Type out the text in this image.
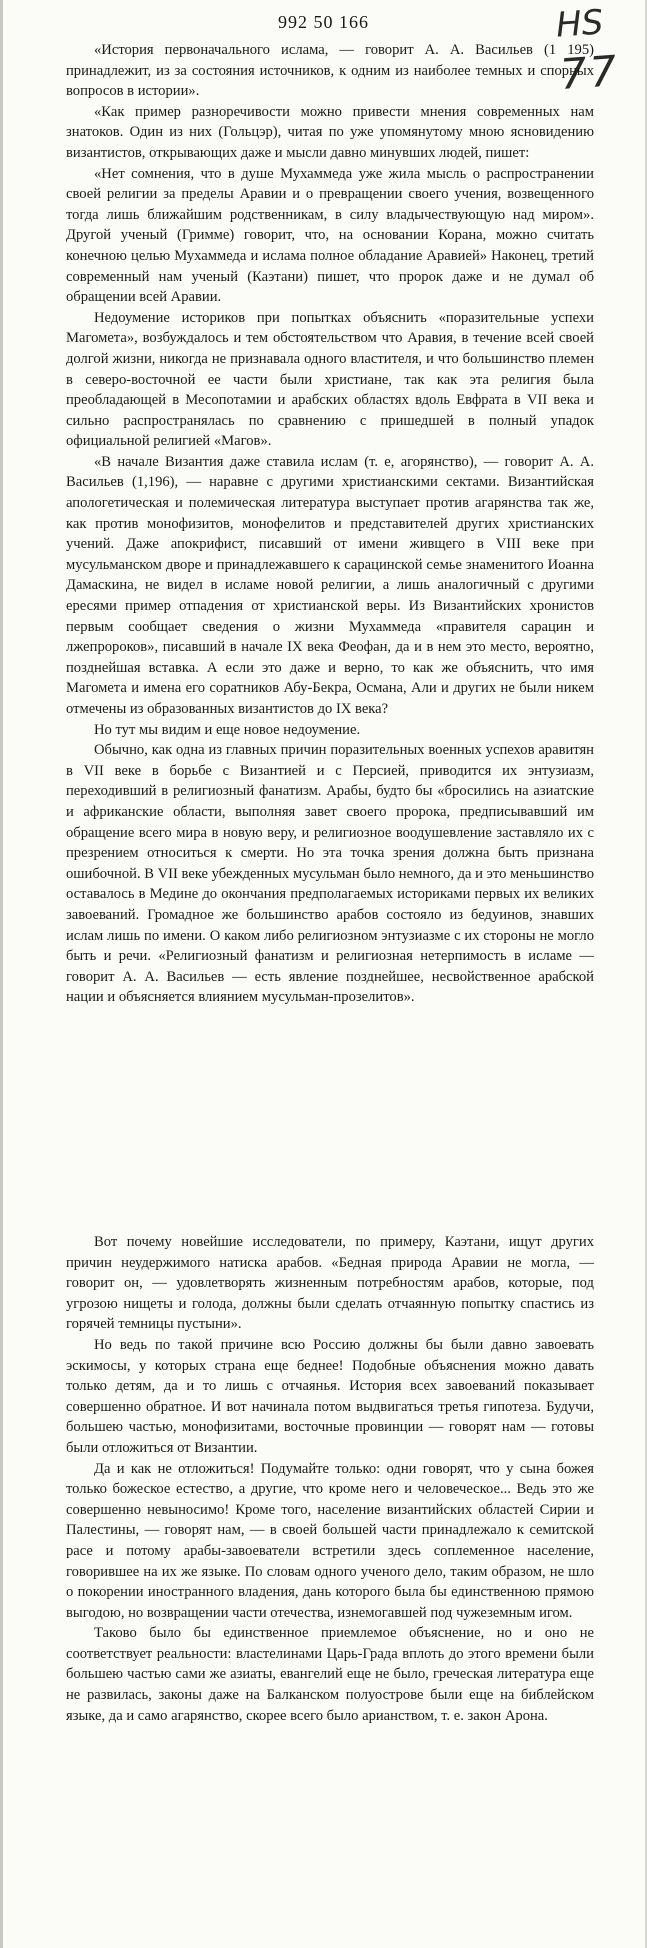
992 50 166	НS
77

«История первоначального ислама, — говорит А. А. Васильев (1 195) принадлежит, из за состояния источников, к одним из наиболее темных и спорных вопросов в истории».

«Как пример разноречивости можно привести мнения современных нам знатоков. Один из них (Гольцэр), читая по уже упомянутому мною ясновидению византистов, открывающих даже и мысли давно минувших людей, пишет:

«Нет сомнения, что в душе Мухаммеда уже жила мысль о распространении своей религии за пределы Аравии и о превращении своего учения, возвещенного тогда лишь ближайшим родственникам, в силу владычествующую над миром». Другой ученый (Гримме) говорит, что, на основании Корана, можно считать конечною целью Мухаммеда и ислама полное обладание Аравией» Наконец, третий современный нам ученый (Каэтани) пишет, что пророк даже и не думал об обращении всей Аравии.

Недоумение историков при попытках объяснить «поразительные успехи Магомета», возбуждалось и тем обстоятельством что Аравия, в течение всей своей долгой жизни, никогда не признавала одного властителя, и что большинство племен в северо-восточной ее части были христиане, так как эта религия была преобладающей в Месопотамии и арабских областях вдоль Евфрата в VII века и сильно распространялась по сравнению с пришедшей в полный упадок официальной религией «Магов».

«В начале Византия даже ставила ислам (т. е, агорянство), — говорит А. А. Васильев (1,196), — наравне с другими христианскими сектами. Византийская апологетическая и полемическая литература выступает против агарянства так же, как против монофизитов, монофелитов и представителей других христианских учений. Даже апокрифист, писавший от имени живщего в VIII веке при мусульманском дворе и принадлежавшего к сарацинской семье знаменитого Иоанна Дамаскина, не видел в исламе новой религии, а лишь аналогичный с другими ересями пример отпадения от христианской веры. Из Византийских хронистов первым сообщает сведения о жизни Мухаммеда «правителя сарацин и лжепророков», писавший в начале IX века Феофан, да и в нем это место, вероятно, позднейшая вставка. А если это даже и верно, то как же объяснить, что имя Магомета и имена его соратников Абу-Бекра, Османа, Али и других не были никем отмечены из образованных византистов до IX века?

Но тут мы видим и еще новое недоумение.

Обычно, как одна из главных причин поразительных военных успехов аравитян в VII веке в борьбе с Византией и с Персией, приводится их энтузиазм, переходивший в религиозный фанатизм. Арабы, будто бы «бросились на азиатские и африканские области, выполняя завет своего пророка, предписывавший им обращение всего мира в новую веру, и религиозное воодушевление заставляло их с презрением относиться к смерти. Но эта точка зрения должна быть признана ошибочной. В VII веке убежденных мусульман было немного, да и это меньшинство оставалось в Медине до окончания предполагаемых историками первых их великих завоеваний. Громадное же большинство арабов состояло из бедуинов, знавших ислам лишь по имени. О каком либо религиозном энтузиазме с их стороны не могло быть и речи. «Религиозный фанатизм и религиозная нетерпимость в исламе — говорит А. А. Васильев — есть явление позднейшее, несвойственное арабской нации и объясняется влиянием мусульман-прозелитов».

Вот почему новейшие исследователи, по примеру, Каэтани, ищут других причин неудержимого натиска арабов. «Бедная природа Аравии не могла, — говорит он, — удовлетворять жизненным потребностям арабов, которые, под угрозою нищеты и голода, должны были сделать отчаянную попытку спастись из горячей темницы пустыни».

Но ведь по такой причине всю Россию должны бы были давно завоевать эскимосы, у которых страна еще беднее! Подобные объяснения можно давать только детям, да и то лишь с отчаянья. История всех завоеваний показывает совершенно обратное. И вот начинала потом выдвигаться третья гипотеза. Будучи, большею частью, монофизитами, восточные провинции — говорят нам — готовы были отложиться от Византии.

Да и как не отложиться! Подумайте только: одни говорят, что у сына божея только божеское естество, а другие, что кроме него и человеческое... Ведь это же совершенно невыносимо! Кроме того, население византийских областей Сирии и Палестины, — говорят нам, — в своей большей части принадлежало к семитской расе и потому арабы-завоеватели встретили здесь соплеменное население, говорившее на их же языке. По словам одного ученого дело, таким образом, не шло о покорении иностранного владения, дань которого была бы единственною прямою выгодою, но возвращении части отечества, изнемогавшей под чужеземным игом.

Таково было бы единственное приемлемое объяснение, но и оно не соответствует реальности: властелинами Царь-Града вплоть до этого времени были большею частью сами же азиаты, евангелий еще не было, греческая литература еще не развилась, законы даже на Балканском полуострове были еще на библейском языке, да и само агарянство, скорее всего было арианством, т. е. закон Арона.
